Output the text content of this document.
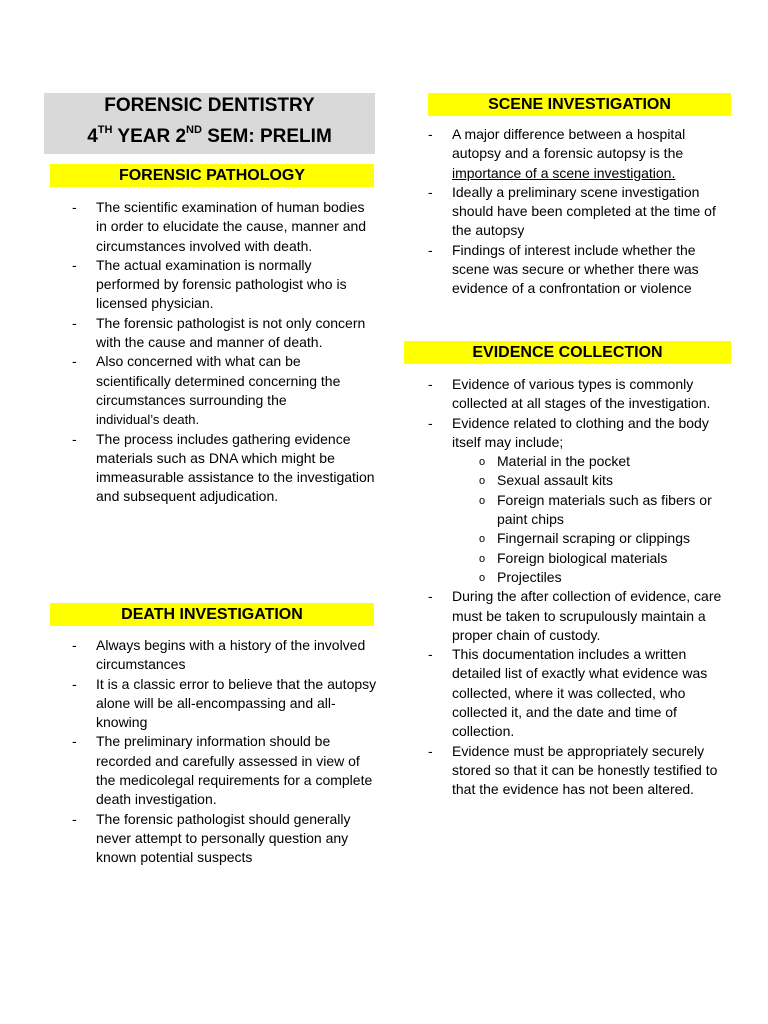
FORENSIC DENTISTRY
4TH YEAR 2ND SEM: PRELIM
FORENSIC PATHOLOGY
- The scientific examination of human bodies in order to elucidate the cause, manner and circumstances involved with death.
- The actual examination is normally performed by forensic pathologist who is licensed physician.
- The forensic pathologist is not only concern with the cause and manner of death.
- Also concerned with what can be scientifically determined concerning the circumstances surrounding the
individual’s death.
- The process includes gathering evidence materials such as DNA which might be immeasurable assistance to the investigation and subsequent adjudication.
DEATH INVESTIGATION
- Always begins with a history of the involved circumstances
- It is a classic error to believe that the autopsy alone will be all-encompassing and all-knowing
- The preliminary information should be recorded and carefully assessed in view of the medicolegal requirements for a complete death investigation.
- The forensic pathologist should generally never attempt to personally question any known potential suspects
SCENE INVESTIGATION
- A major difference between a hospital autopsy and a forensic autopsy is the importance of a scene investigation.
- Ideally a preliminary scene investigation should have been completed at the time of the autopsy
- Findings of interest include whether the scene was secure or whether there was evidence of a confrontation or violence
EVIDENCE COLLECTION
- Evidence of various types is commonly collected at all stages of the investigation.
- Evidence related to clothing and the body itself may include;
o Material in the pocket
o Sexual assault kits
o Foreign materials such as fibers or paint chips
o Fingernail scraping or clippings
o Foreign biological materials
o Projectiles
- During the after collection of evidence, care must be taken to scrupulously maintain a proper chain of custody.
- This documentation includes a written detailed list of exactly what evidence was collected, where it was collected, who collected it, and the date and time of collection.
- Evidence must be appropriately securely stored so that it can be honestly testified to that the evidence has not been altered.
